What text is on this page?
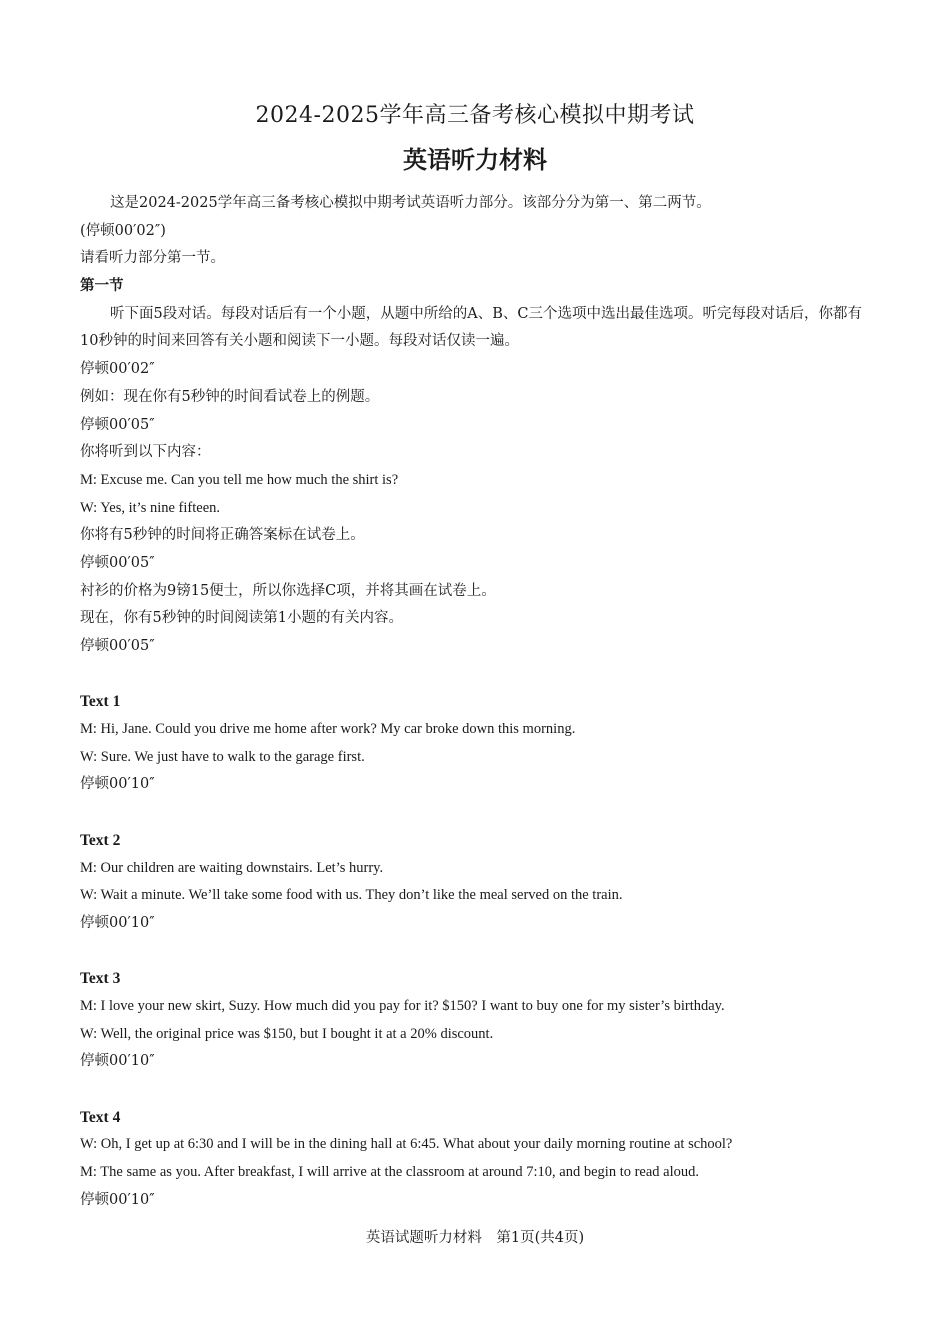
2024-2025学年高三备考核心模拟中期考试
英语听力材料
这是2024-2025学年高三备考核心模拟中期考试英语听力部分。该部分分为第一、第二两节。
(停顿00′02″)
请看听力部分第一节。
第一节
听下面5段对话。每段对话后有一个小题，从题中所给的A、B、C三个选项中选出最佳选项。听完每段对话后，你都有10秒钟的时间来回答有关小题和阅读下一小题。每段对话仅读一遍。
停顿00′02″
例如：现在你有5秒钟的时间看试卷上的例题。
停顿00′05″
你将听到以下内容：
M: Excuse me. Can you tell me how much the shirt is?
W: Yes, it’s nine fifteen.
你将有5秒钟的时间将正确答案标在试卷上。
停顿00′05″
衬衫的价格为9镑15便士，所以你选择C项，并将其画在试卷上。
现在，你有5秒钟的时间阅读第1小题的有关内容。
停顿00′05″
Text 1
M: Hi, Jane. Could you drive me home after work? My car broke down this morning.
W: Sure. We just have to walk to the garage first.
停顿00′10″
Text 2
M: Our children are waiting downstairs. Let’s hurry.
W: Wait a minute. We’ll take some food with us. They don’t like the meal served on the train.
停顿00′10″
Text 3
M: I love your new skirt, Suzy. How much did you pay for it? $150? I want to buy one for my sister’s birthday.
W: Well, the original price was $150, but I bought it at a 20% discount.
停顿00′10″
Text 4
W: Oh, I get up at 6:30 and I will be in the dining hall at 6:45. What about your daily morning routine at school?
M: The same as you. After breakfast, I will arrive at the classroom at around 7:10, and begin to read aloud.
停顿00′10″
英语试题听力材料　第1页(共4页)
